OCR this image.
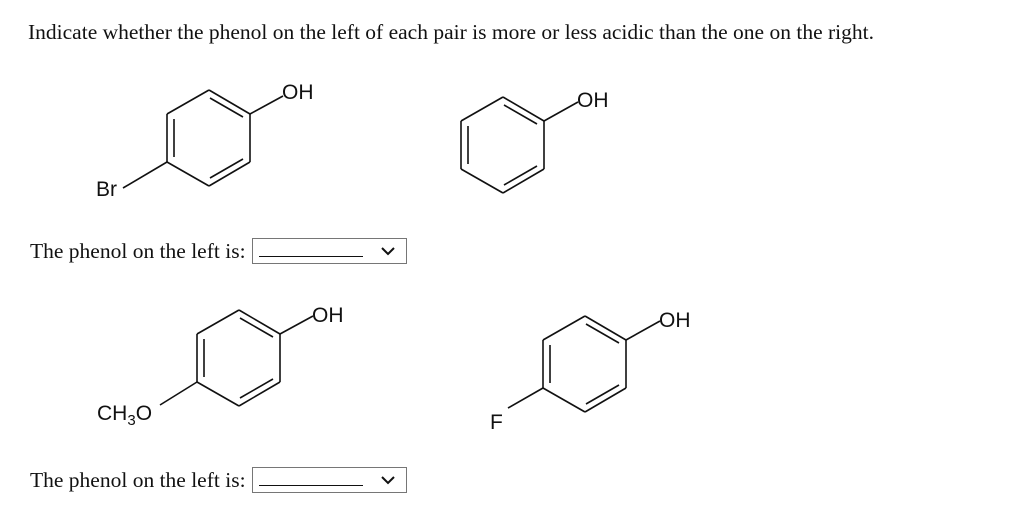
Indicate whether the phenol on the left of each pair is more or less acidic than the one on the right.
OH
Br
OH
The phenol on the left is:
OH
$CH_3O$
OH
F
The phenol on the left is:
